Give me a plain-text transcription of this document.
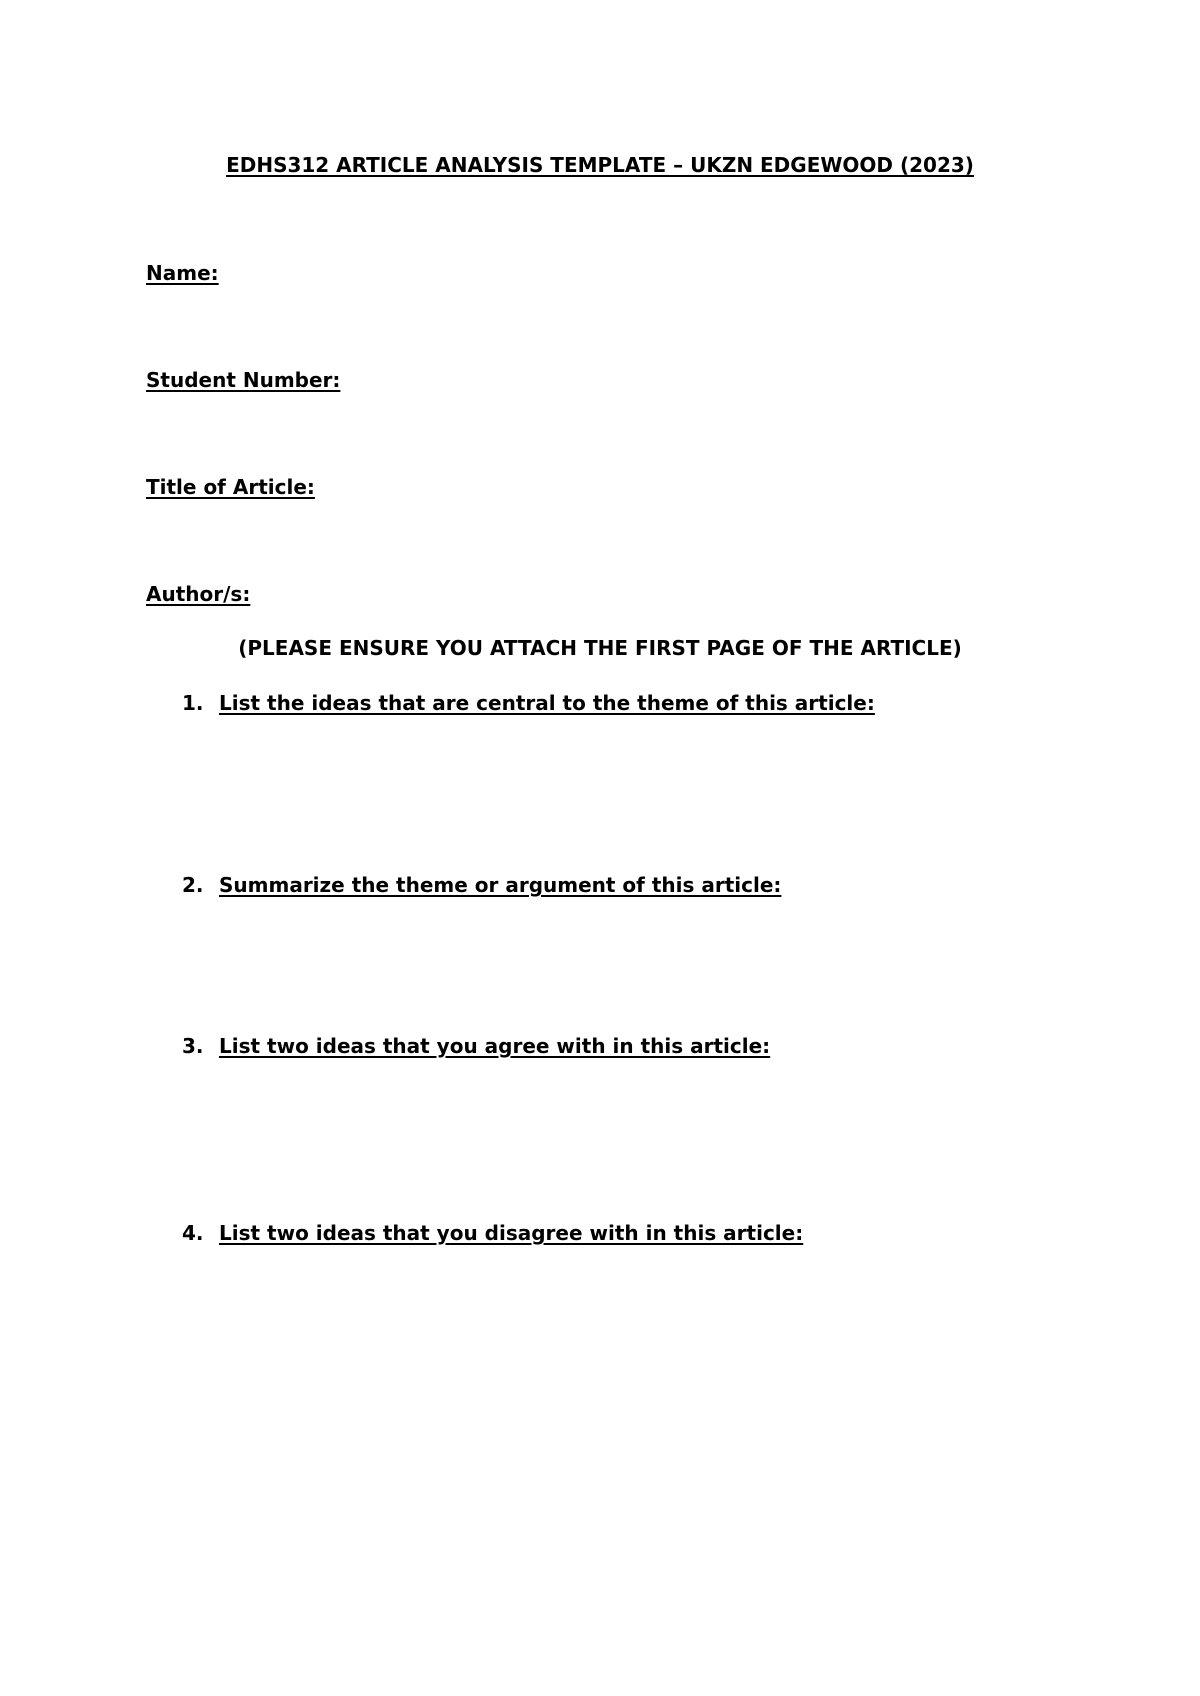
EDHS312 ARTICLE ANALYSIS TEMPLATE – UKZN EDGEWOOD (2023)
Name:
Student Number:
Title of Article:
Author/s:
(PLEASE ENSURE YOU ATTACH THE FIRST PAGE OF THE ARTICLE)
1. List the ideas that are central to the theme of this article:
2. Summarize the theme or argument of this article:
3. List two ideas that you agree with in this article:
4. List two ideas that you disagree with in this article:
